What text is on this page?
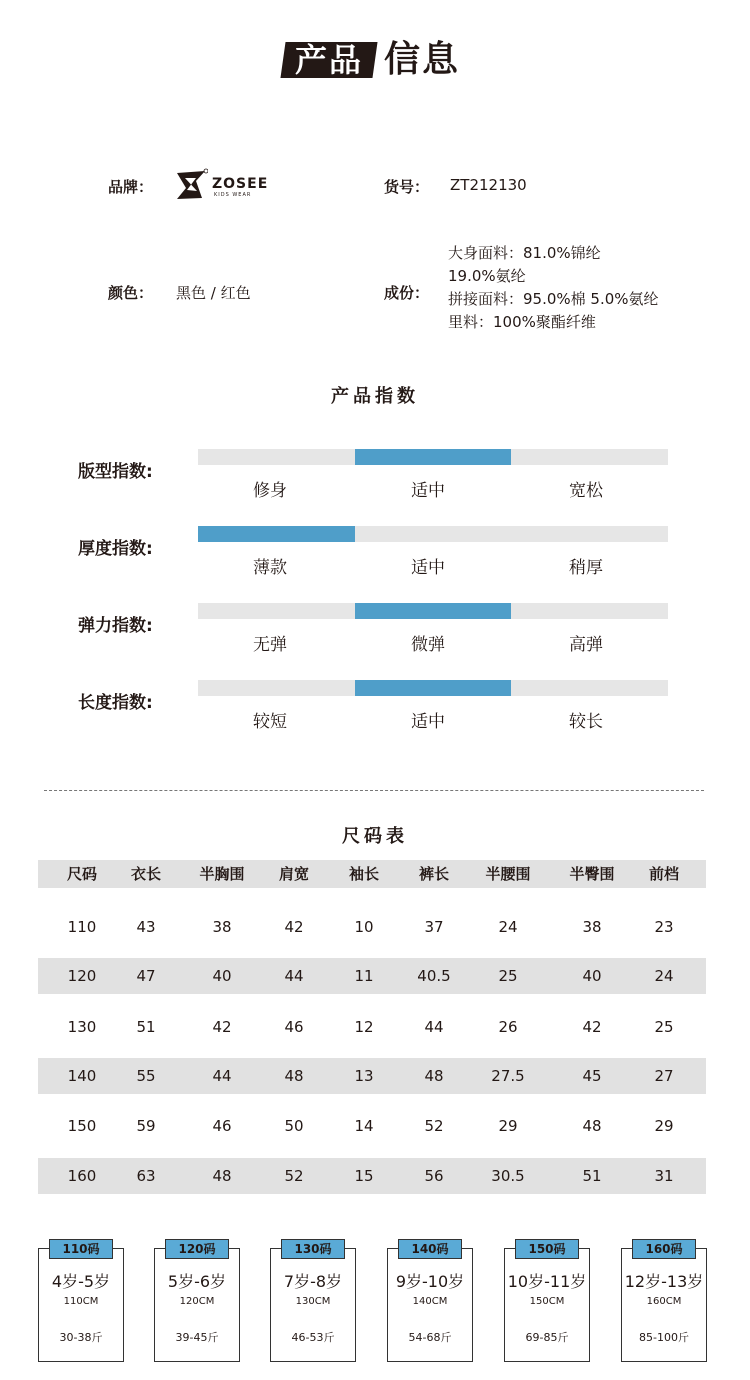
产品 信息
品牌：	ZOSEE
KIDS WEAR	货号： ZT212130
颜色： 黑色 / 红色	成份：
大身面料：81.0%锦纶
19.0%氨纶
拼接面料：95.0%棉 5.0%氨纶
里料：100%聚酯纤维
产品指数
版型指数:
修身	适中	宽松
厚度指数:
薄款	适中	稍厚
弹力指数:
无弹	微弹	高弹
长度指数:
较短	适中	较长
尺码表
尺码	衣长	半胸围	肩宽	袖长	裤长	半腰围	半臀围	前档
110	43	38	42	10	37	24	38	23
120	47	40	44	11	40.5	25	40	24
130	51	42	46	12	44	26	42	25
140	55	44	48	13	48	27.5	45	27
150	59	46	50	14	52	29	48	29
160	63	48	52	15	56	30.5	51	31
110码
4岁-5岁
110CM
30-38斤
120码
5岁-6岁
120CM
39-45斤
130码
7岁-8岁
130CM
46-53斤
140码
9岁-10岁
140CM
54-68斤
150码
10岁-11岁
150CM
69-85斤
160码
12岁-13岁
160CM
85-100斤
